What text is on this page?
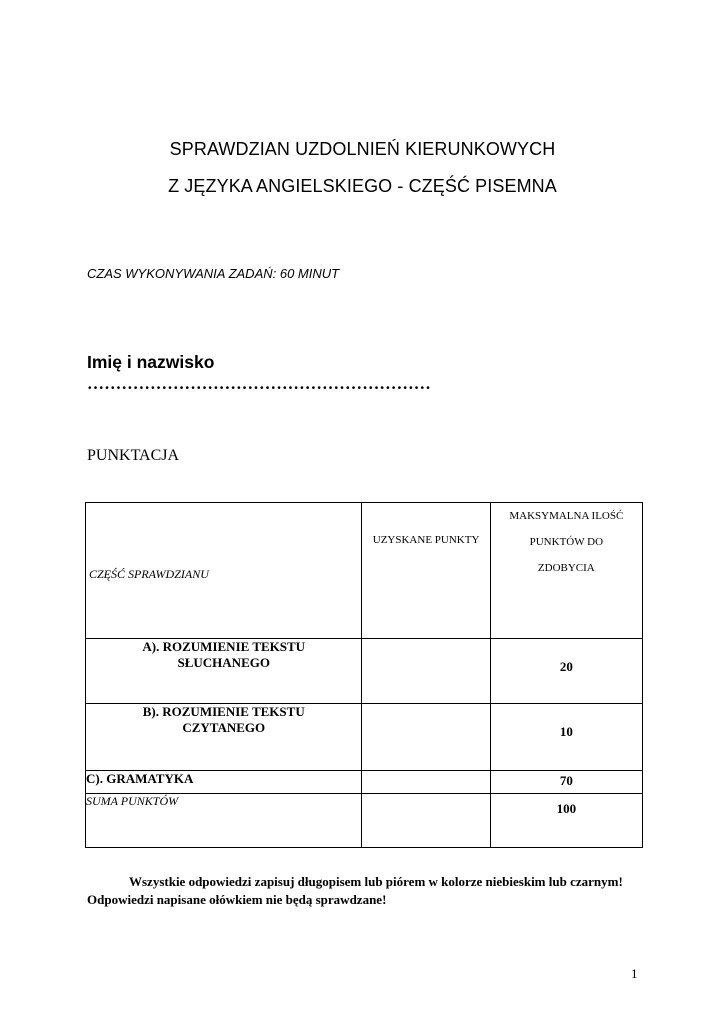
SPRAWDZIAN UZDOLNIEŃ KIERUNKOWYCH
Z JĘZYKA ANGIELSKIEGO - CZĘŚĆ PISEMNA
CZAS WYKONYWANIA ZADAŃ: 60 MINUT
Imię i nazwisko
……………………………………………………
PUNKTACJA
CZĘŚĆ SPRAWDZIANU	UZYSKANE PUNKTY	MAKSYMALNA ILOŚĆ
PUNKTÓW DO
ZDOBYCIA

A). ROZUMIENIE TEKSTU
SŁUCHANEGO		20

B). ROZUMIENIE TEKSTU
CZYTANEGO		10
C). GRAMATYKA		70
SUMA PUNKTÓW		100
Wszystkie odpowiedzi zapisuj długopisem lub piórem w kolorze niebieskim lub czarnym! Odpowiedzi napisane ołówkiem nie będą sprawdzane!
1
